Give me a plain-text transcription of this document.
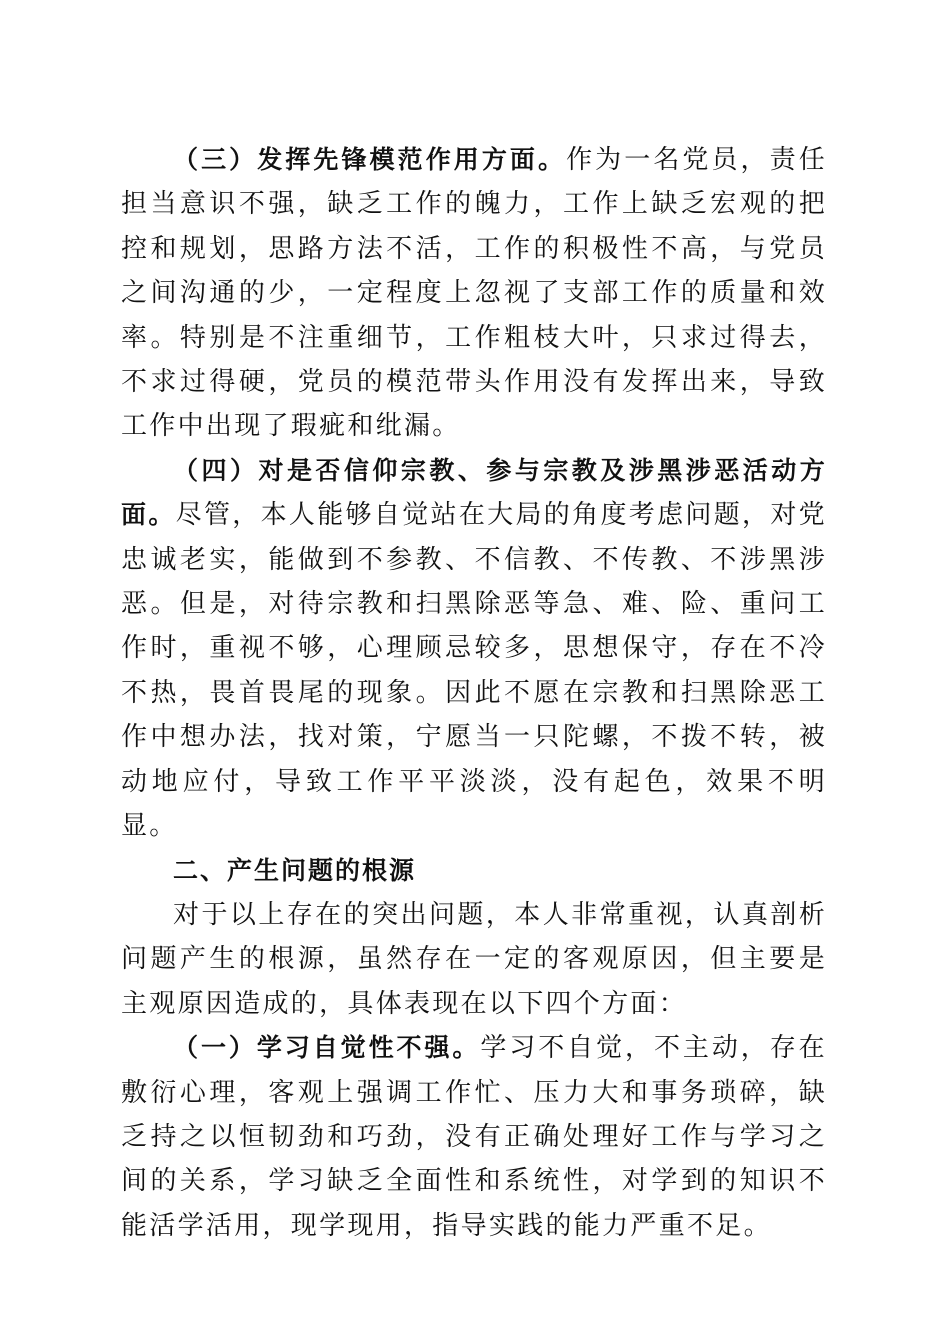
（三）发挥先锋模范作用方面。作为一名党员，责任担当意识不强，缺乏工作的魄力，工作上缺乏宏观的把控和规划，思路方法不活，工作的积极性不高，与党员之间沟通的少，一定程度上忽视了支部工作的质量和效率。特别是不注重细节，工作粗枝大叶，只求过得去，不求过得硬，党员的模范带头作用没有发挥出来，导致工作中出现了瑕疵和纰漏。

（四）对是否信仰宗教、参与宗教及涉黑涉恶活动方面。尽管，本人能够自觉站在大局的角度考虑问题，对党忠诚老实，能做到不参教、不信教、不传教、不涉黑涉恶。但是，对待宗教和扫黑除恶等急、难、险、重问工作时，重视不够，心理顾忌较多，思想保守，存在不冷不热，畏首畏尾的现象。因此不愿在宗教和扫黑除恶工作中想办法，找对策，宁愿当一只陀螺，不拨不转，被动地应付，导致工作平平淡淡，没有起色，效果不明显。

二、产生问题的根源

对于以上存在的突出问题，本人非常重视，认真剖析问题产生的根源，虽然存在一定的客观原因，但主要是主观原因造成的，具体表现在以下四个方面：

（一）学习自觉性不强。学习不自觉，不主动，存在敷衍心理，客观上强调工作忙、压力大和事务琐碎，缺乏持之以恒韧劲和巧劲，没有正确处理好工作与学习之间的关系，学习缺乏全面性和系统性，对学到的知识不能活学活用，现学现用，指导实践的能力严重不足。
